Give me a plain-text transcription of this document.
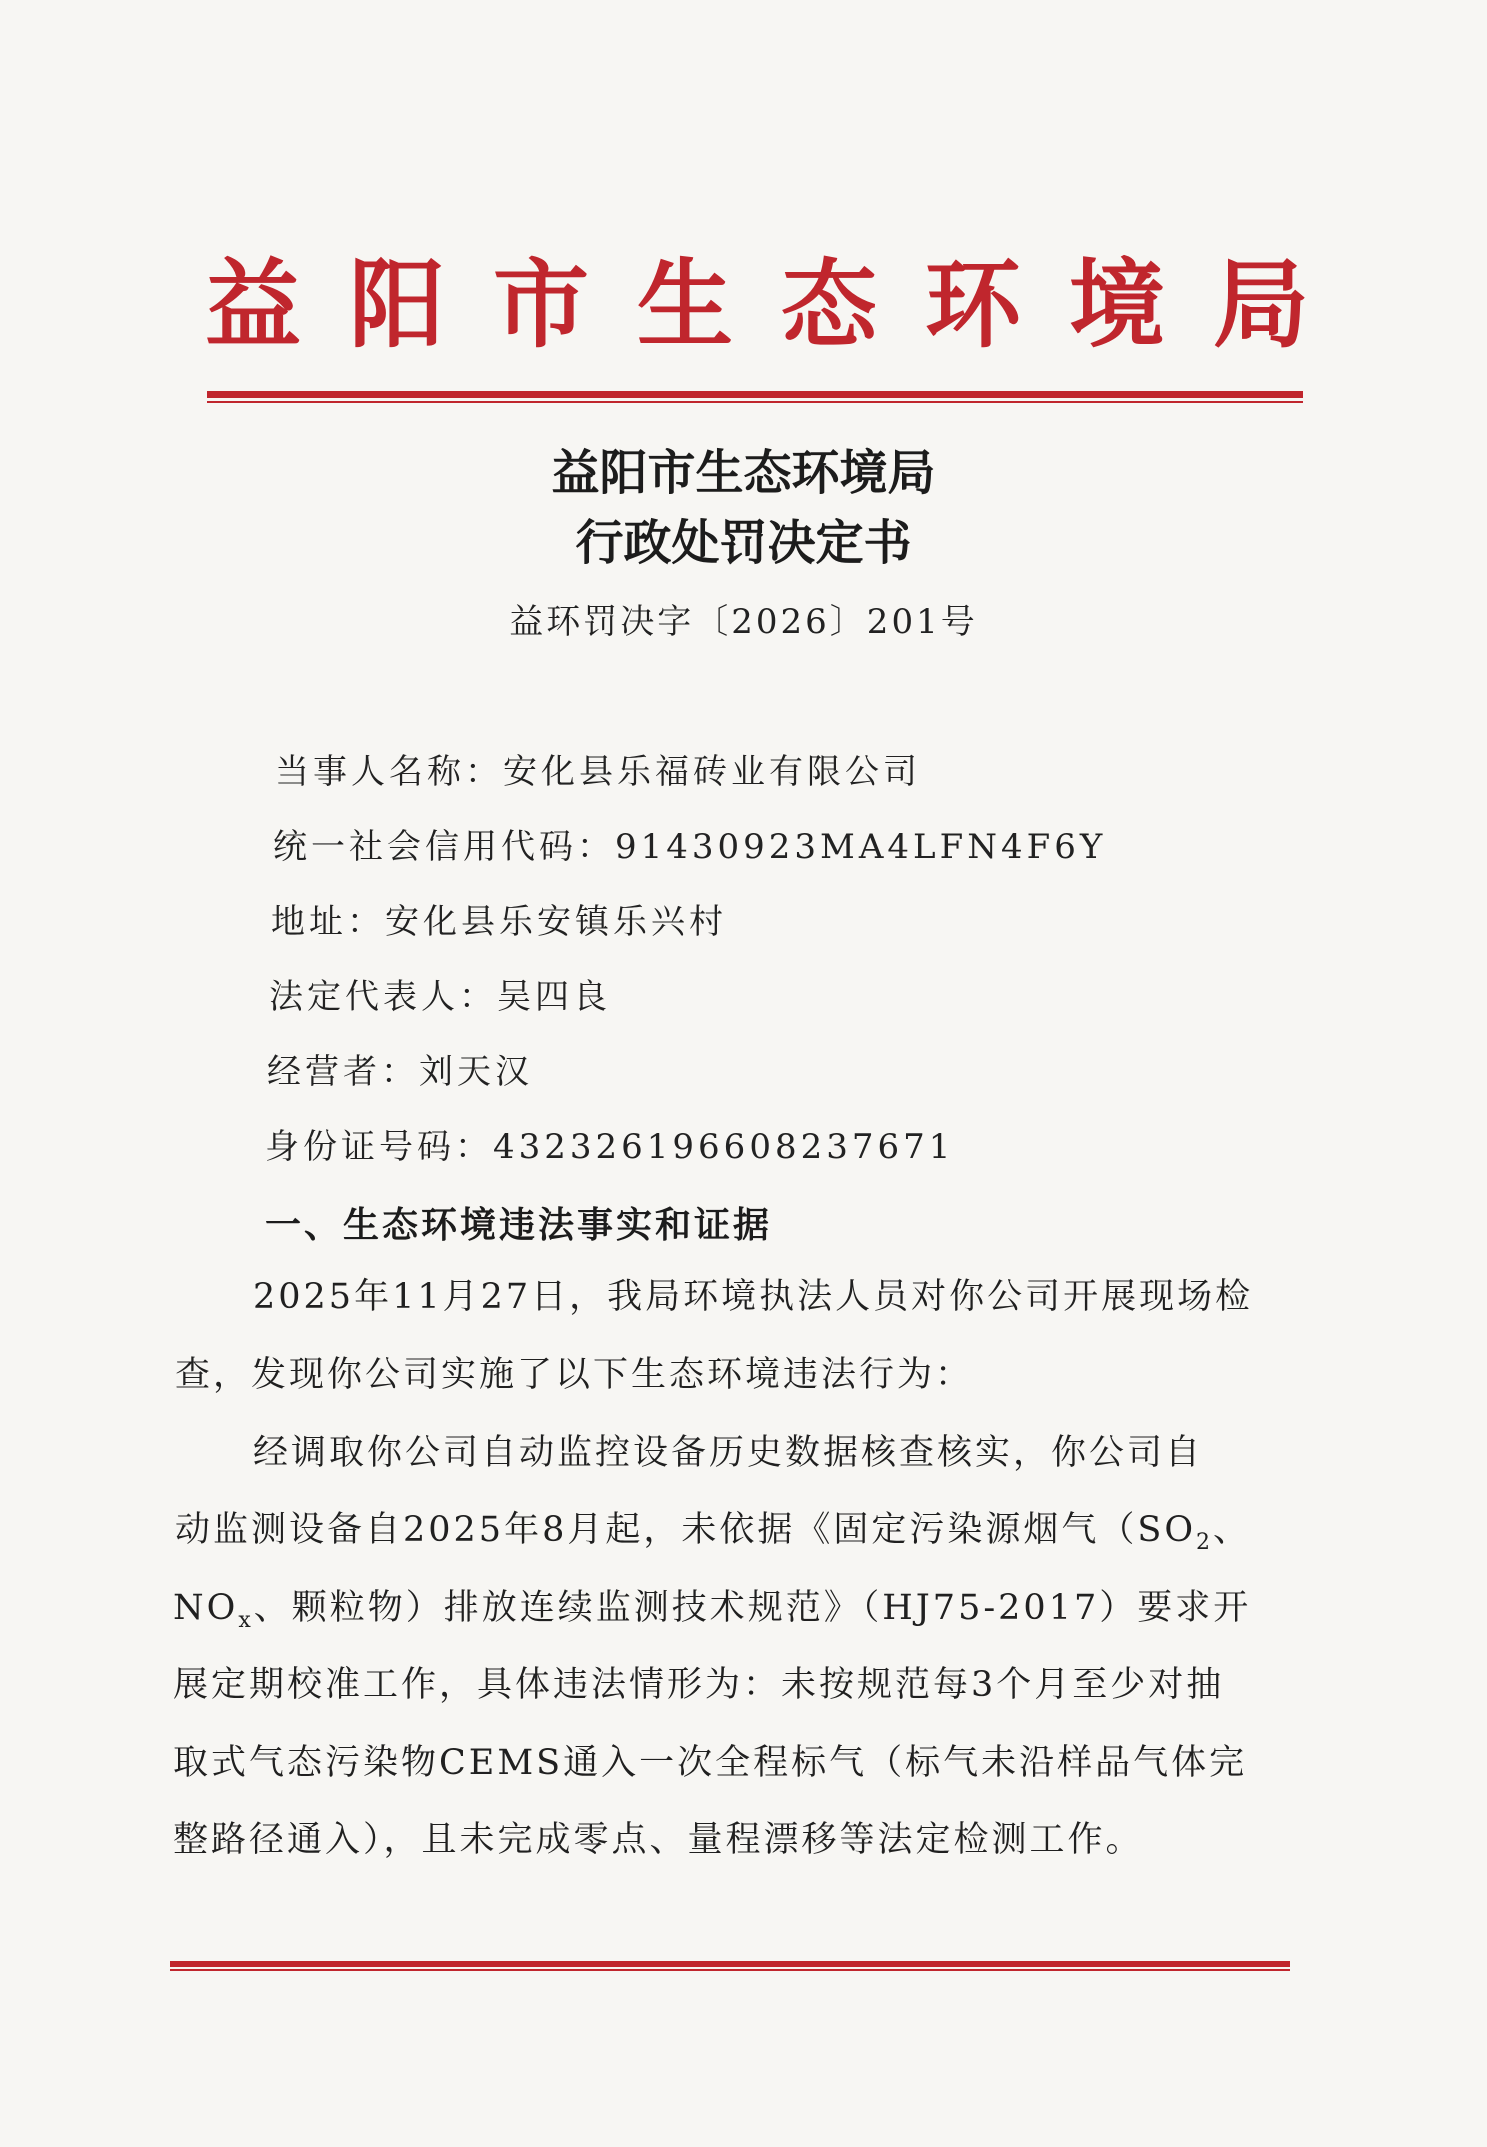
益阳市生态环境局
益阳市生态环境局
行政处罚决定书
益环罚决字〔2026〕201号
当事人名称：安化县乐福砖业有限公司
统一社会信用代码：91430923MA4LFN4F6Y
地址：安化县乐安镇乐兴村
法定代表人：吴四良
经营者：刘天汉
身份证号码：432326196608237671
一、生态环境违法事实和证据
2025年11月27日，我局环境执法人员对你公司开展现场检
查，发现你公司实施了以下生态环境违法行为：
经调取你公司自动监控设备历史数据核查核实，你公司自
动监测设备自2025年8月起，未依据《固定污染源烟气（$SO_2$、
$NO_x$、颗粒物）排放连续监测技术规范》（HJ75-2017）要求开
展定期校准工作，具体违法情形为：未按规范每3个月至少对抽
取式气态污染物CEMS通入一次全程标气（标气未沿样品气体完
整路径通入），且未完成零点、量程漂移等法定检测工作。
